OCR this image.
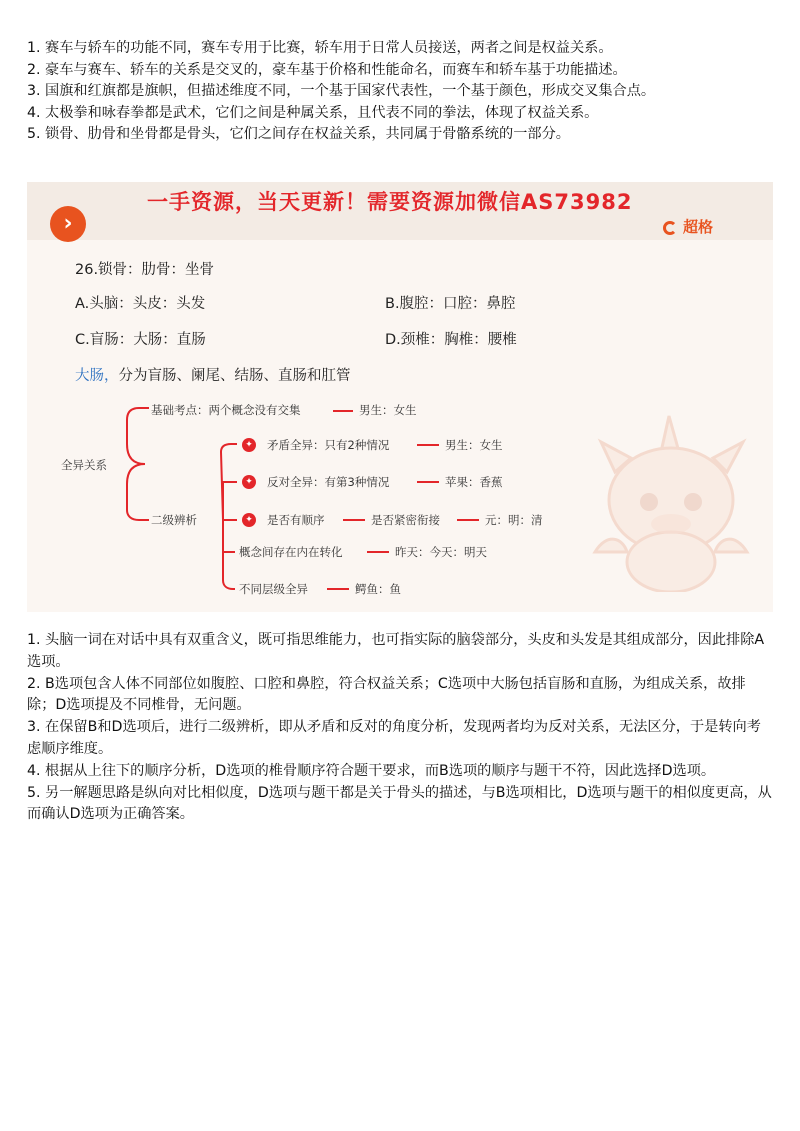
1. 赛车与轿车的功能不同，赛车专用于比赛，轿车用于日常人员接送，两者之间是权益关系。

2. 豪车与赛车、轿车的关系是交叉的，豪车基于价格和性能命名，而赛车和轿车基于功能描述。

3. 国旗和红旗都是旗帜，但描述维度不同，一个基于国家代表性，一个基于颜色，形成交叉集合点。

4. 太极拳和咏春拳都是武术，它们之间是种属关系，且代表不同的拳法，体现了权益关系。

5. 锁骨、肋骨和坐骨都是骨头，它们之间存在权益关系，共同属于骨骼系统的一部分。

›
一手资源，当天更新！需要资源加微信AS73982
超格
26.锁骨：肋骨：坐骨
A.头脑：头皮：头发	B.腹腔：口腔：鼻腔
C.盲肠：大肠：直肠	D.颈椎：胸椎：腰椎
大肠，分为盲肠、阑尾、结肠、直肠和肛管
全异关系
基础考点：两个概念没有交集	男生：女生
二级辨析
✦ 矛盾全异：只有2种情况	男生：女生
✦ 反对全异：有第3种情况	苹果：香蕉
✦ 是否有顺序	是否紧密衔接	元：明：清
概念间存在内在转化	昨天：今天：明天
不同层级全异	鳄鱼：鱼

1. 头脑一词在对话中具有双重含义，既可指思维能力，也可指实际的脑袋部分，头皮和头发是其组成部分，因此排除A选项。

2. B选项包含人体不同部位如腹腔、口腔和鼻腔，符合权益关系；C选项中大肠包括盲肠和直肠，为组成关系，故排除；D选项提及不同椎骨，无问题。

3. 在保留B和D选项后，进行二级辨析，即从矛盾和反对的角度分析，发现两者均为反对关系，无法区分，于是转向考虑顺序维度。

4. 根据从上往下的顺序分析，D选项的椎骨顺序符合题干要求，而B选项的顺序与题干不符，因此选择D选项。

5. 另一解题思路是纵向对比相似度，D选项与题干都是关于骨头的描述，与B选项相比，D选项与题干的相似度更高，从而确认D选项为正确答案。
